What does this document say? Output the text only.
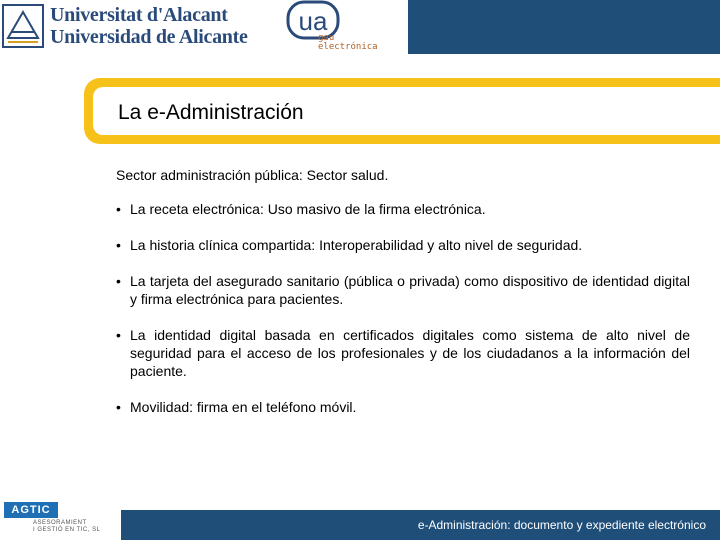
Universitat d'Alacant
Universidad de Alicante
ua
gau
electrónica
La e-Administración

Sector administración pública: Sector salud.

• La receta electrónica: Uso masivo de la firma electrónica.
• La historia clínica compartida: Interoperabilidad y alto nivel de seguridad.
• La tarjeta del asegurado sanitario (pública o privada) como dispositivo de identidad digital y firma electrónica para pacientes.
• La identidad digital basada en certificados digitales como sistema de alto nivel de seguridad para el acceso de los profesionales y de los ciudadanos a la información del paciente.
• Movilidad: firma en el teléfono móvil.
AGTIC
ASESORAMIENT
I GESTIÓ EN TIC, SL	e-Administración: documento y expediente electrónico
